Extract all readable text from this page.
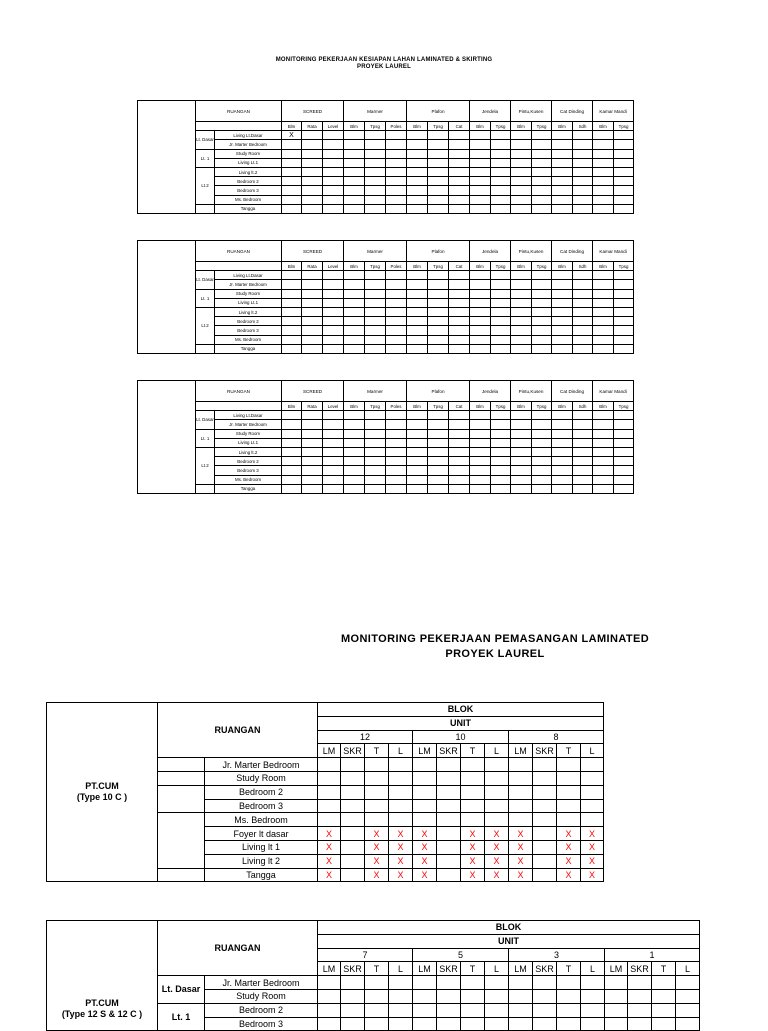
MONITORING PEKERJAAN KESIAPAN LAHAN LAMINATED & SKIRTING
PROYEK LAUREL
	RUANGAN		SCREED			Marmer			Plafon			Jendela		Pintu,Kusen		Cat Dinding		Kamar Mandi	
			Blm	Rata	Level	Blm	Tpsg	Poles	Blm	Tpsg	Cat	Blm	Tpsg	Blm	Tpsg	Blm	Sdh	Blm	Tpsg
	Lt. Dasar	Living Lt.Dasar	X																
		Jr. Marter Bedroom																	
	Lt. 1	Study Room																	
		Living Lt.1																	
	Lt.2	Living lt.2																	
		Bedroom 2																	
		Bedroom 3																	
		Ms. Bedroom																	
		Tangga																	
	RUANGAN		SCREED			Marmer			Plafon			Jendela		Pintu,Kusen		Cat Dinding		Kamar Mandi	
			Blm	Rata	Level	Blm	Tpsg	Poles	Blm	Tpsg	Cat	Blm	Tpsg	Blm	Tpsg	Blm	Sdh	Blm	Tpsg
	Lt. Dasar	Living Lt.Dasar																	
		Jr. Marter Bedroom																	
	Lt. 1	Study Room																	
		Living Lt.1																	
	Lt.2	Living lt.2																	
		Bedroom 2																	
		Bedroom 3																	
		Ms. Bedroom																	
		Tangga																	
	RUANGAN		SCREED			Marmer			Plafon			Jendela		Pintu,Kusen		Cat Dinding		Kamar Mandi	
			Blm	Rata	Level	Blm	Tpsg	Poles	Blm	Tpsg	Cat	Blm	Tpsg	Blm	Tpsg	Blm	Sdh	Blm	Tpsg
	Lt. Dasar	Living Lt.Dasar																	
		Jr. Marter Bedroom																	
	Lt. 1	Study Room																	
		Living Lt.1																	
	Lt.2	Living lt.2																	
		Bedroom 2																	
		Bedroom 3																	
		Ms. Bedroom																	
		Tangga																	
MONITORING PEKERJAAN PEMASANGAN LAMINATED
PROYEK LAUREL
PT.CUM
(Type 10 C )	RUANGAN		BLOK											
			UNIT											
			12				10				8			
			LM	SKR	T	L	LM	SKR	T	L	LM	SKR	T	L
		Jr. Marter Bedroom												
		Study Room												
		Bedroom 2												
		Bedroom 3												
		Ms. Bedroom												
		Foyer lt dasar	X		X	X	X		X	X	X		X	X
		Living lt 1	X		X	X	X		X	X	X		X	X
		Living lt 2	X		X	X	X		X	X	X		X	X
		Tangga	X		X	X	X		X	X	X		X	X
PT.CUM
(Type 12 S & 12 C )	RUANGAN		BLOK															
			UNIT															
			7				5				3				1			
			LM	SKR	T	L	LM	SKR	T	L	LM	SKR	T	L	LM	SKR	T	L
	Lt. Dasar	Jr. Marter Bedroom																
		Study Room																
	Lt. 1	Bedroom 2																
		Bedroom 3																
